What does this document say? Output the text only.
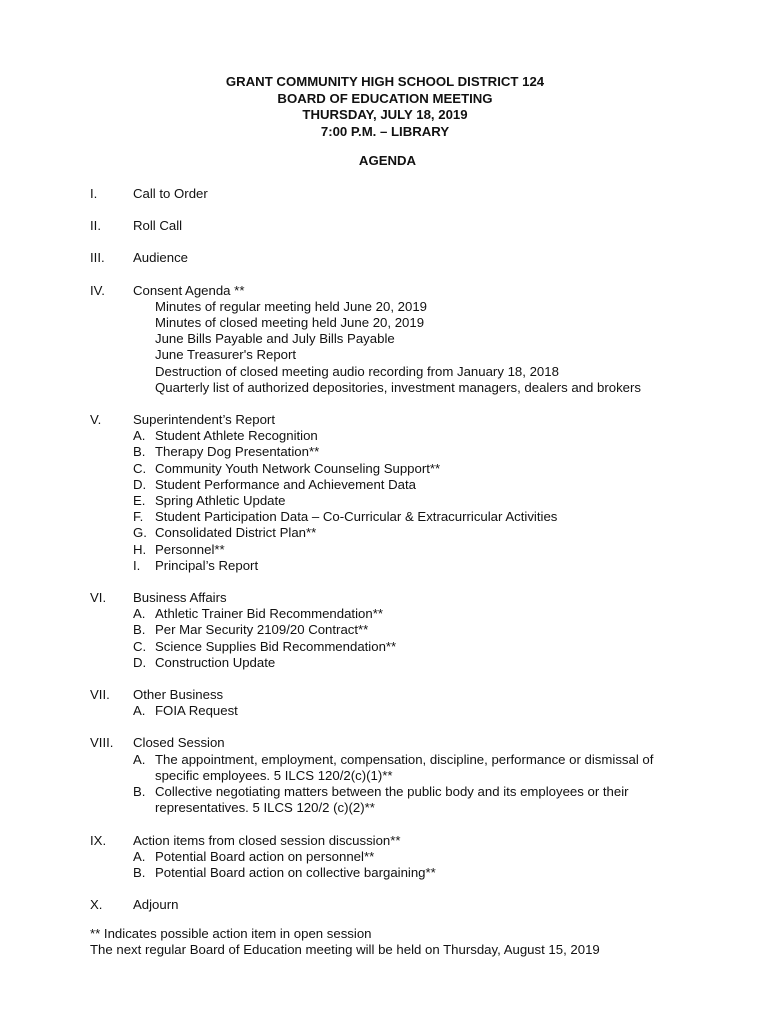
GRANT COMMUNITY HIGH SCHOOL DISTRICT 124
BOARD OF EDUCATION MEETING
THURSDAY, JULY 18, 2019
7:00 P.M. – LIBRARY
AGENDA
I.	Call to Order
II.	Roll Call
III.	Audience
IV.	Consent Agenda **
Minutes of regular meeting held June 20, 2019
Minutes of closed meeting held June 20, 2019
June Bills Payable and July Bills Payable
June Treasurer's Report
Destruction of closed meeting audio recording from January 18, 2018
Quarterly list of authorized depositories, investment managers, dealers and brokers
V.	Superintendent’s Report
A. Student Athlete Recognition
B. Therapy Dog Presentation**
C. Community Youth Network Counseling Support**
D. Student Performance and Achievement Data
E. Spring Athletic Update
F. Student Participation Data – Co-Curricular & Extracurricular Activities
G. Consolidated District Plan**
H. Personnel**
I. Principal’s Report
VI.	Business Affairs
A. Athletic Trainer Bid Recommendation**
B. Per Mar Security 2109/20 Contract**
C. Science Supplies Bid Recommendation**
D. Construction Update
VII.	Other Business
A. FOIA Request
VIII.	Closed Session
A. The appointment, employment, compensation, discipline, performance or dismissal of specific employees. 5 ILCS 120/2(c)(1)**
B. Collective negotiating matters between the public body and its employees or their representatives. 5 ILCS 120/2 (c)(2)**
IX.	Action items from closed session discussion**
A. Potential Board action on personnel**
B. Potential Board action on collective bargaining**
X.	Adjourn
** Indicates possible action item in open session
The next regular Board of Education meeting will be held on Thursday, August 15, 2019
